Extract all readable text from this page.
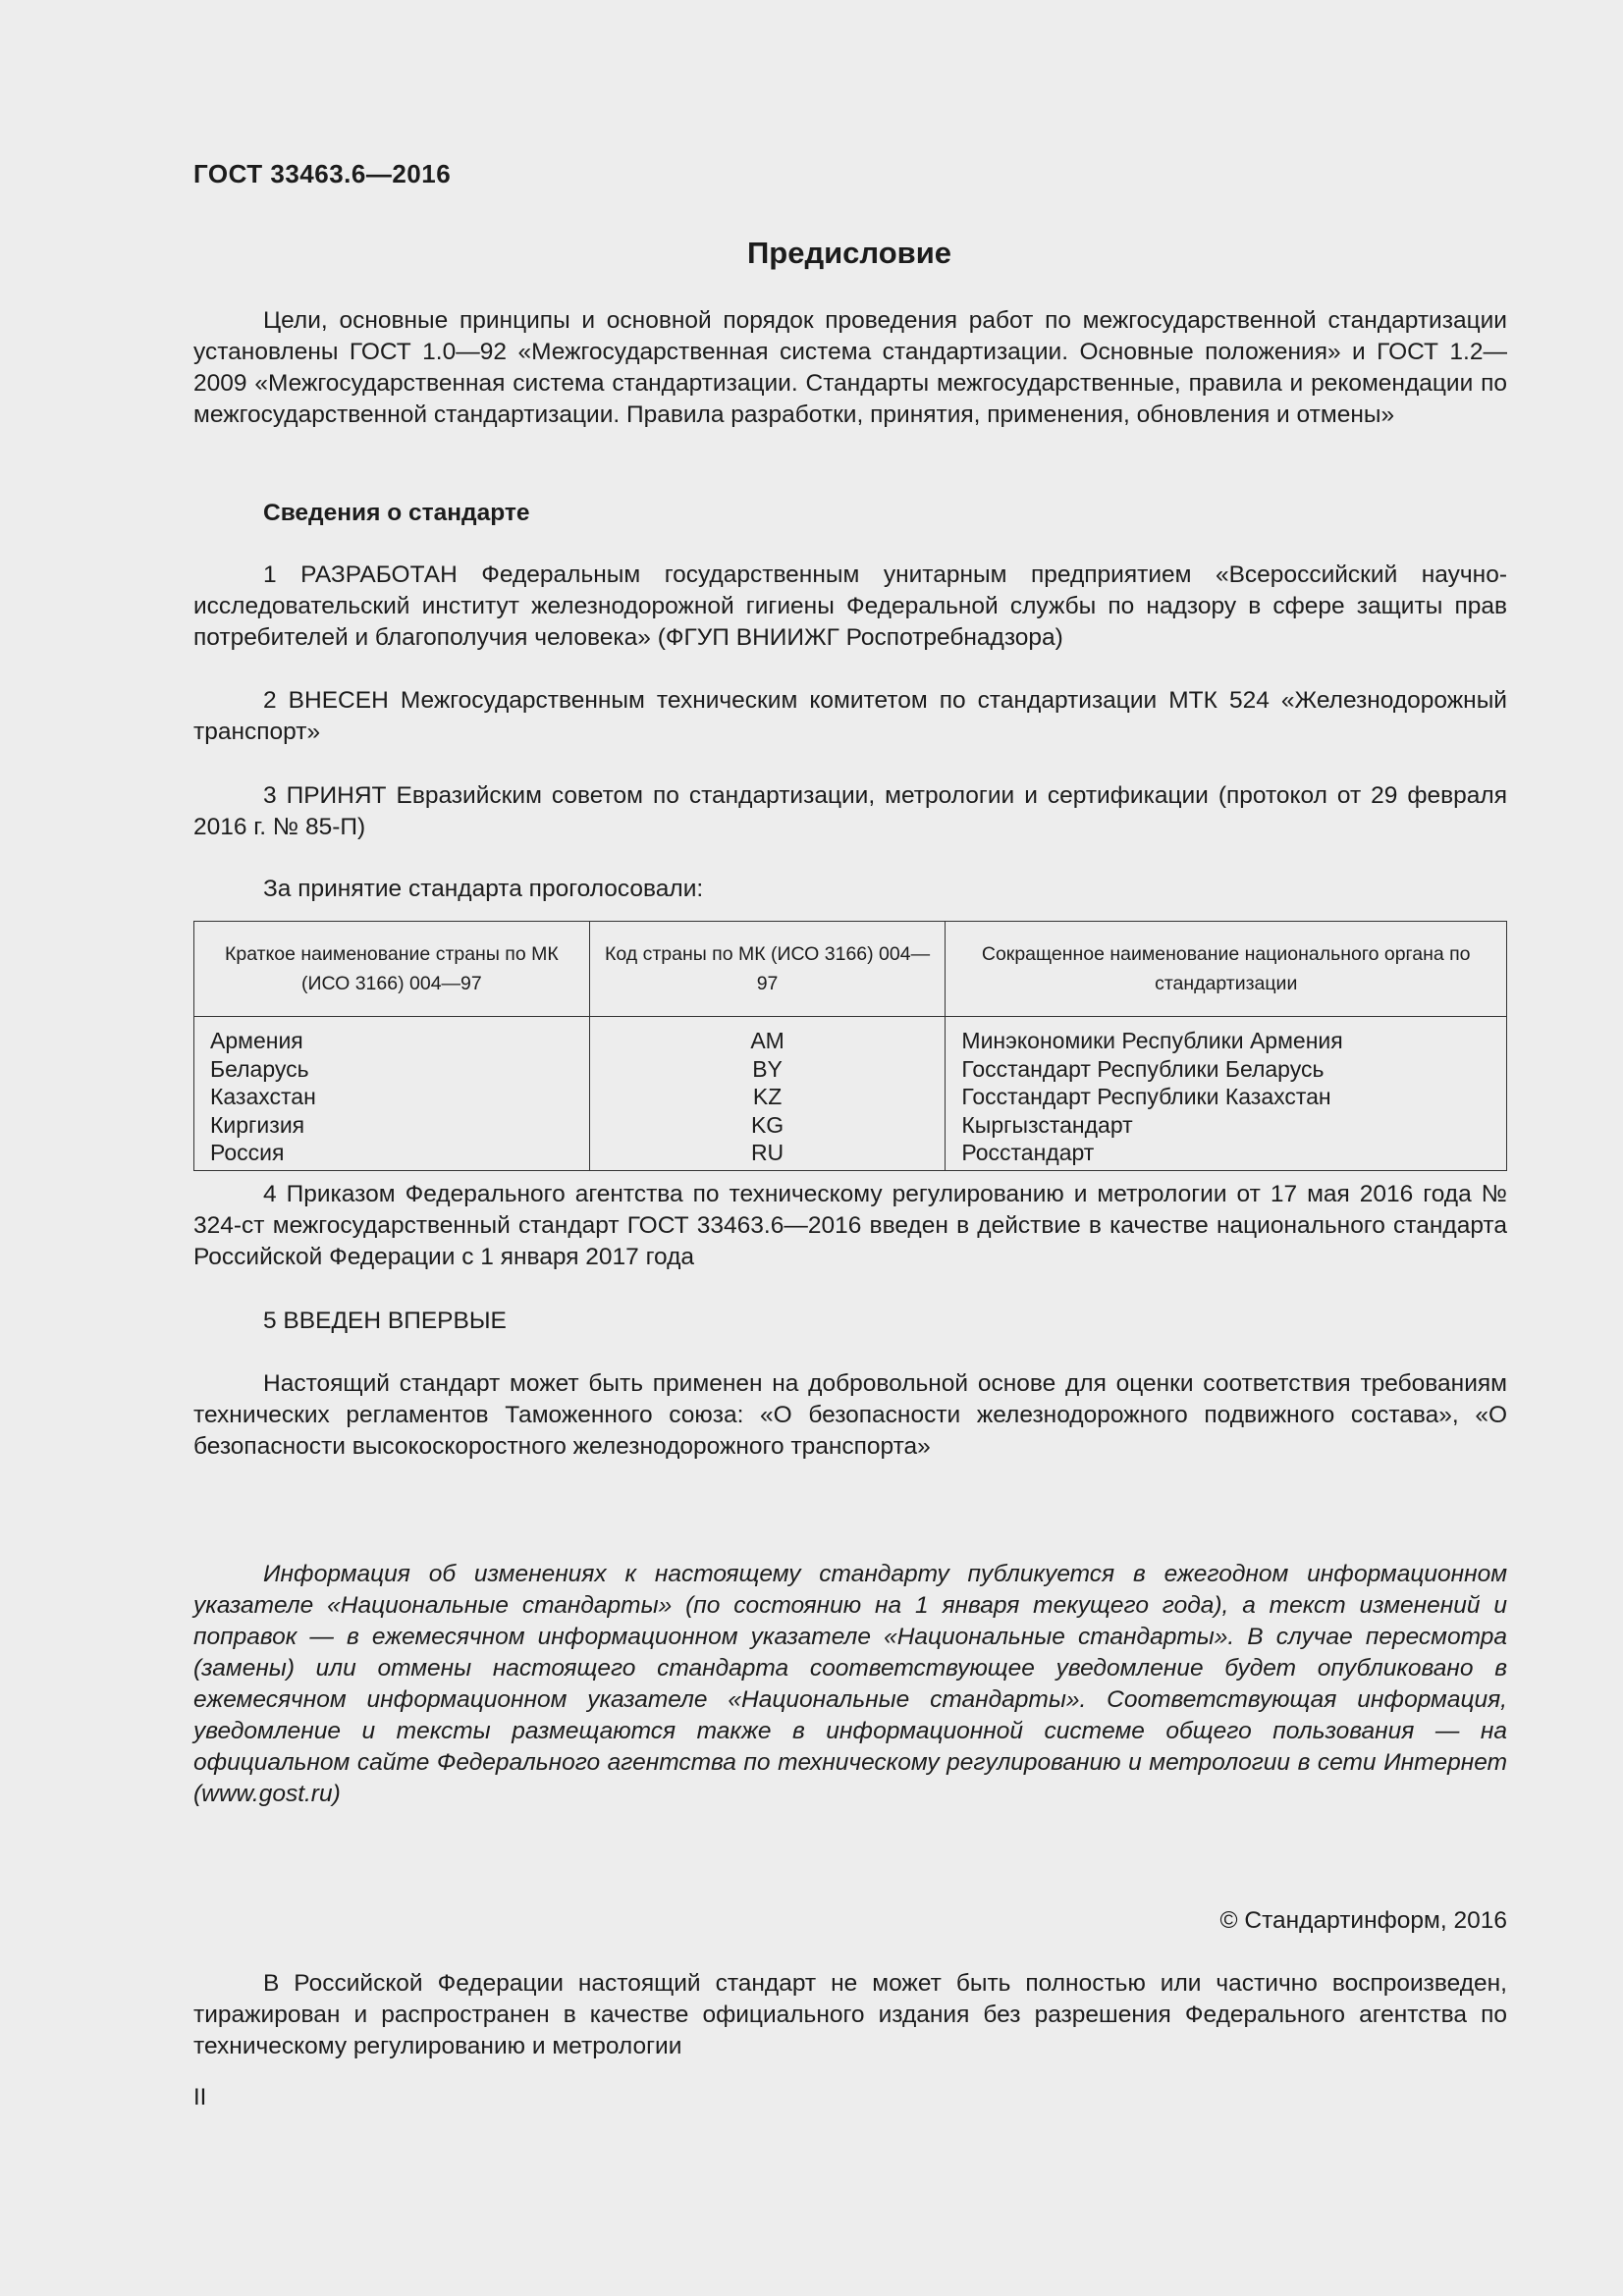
ГОСТ 33463.6—2016

Предисловие

Цели, основные принципы и основной порядок проведения работ по межгосударственной стандартизации установлены ГОСТ 1.0—92 «Межгосударственная система стандартизации. Основные положения» и ГОСТ 1.2—2009 «Межгосударственная система стандартизации. Стандарты межгосударственные, правила и рекомендации по межгосударственной стандартизации. Правила разработки, принятия, применения, обновления и отмены»

Сведения о стандарте

1 РАЗРАБОТАН Федеральным государственным унитарным предприятием «Всероссийский научно-исследовательский институт железнодорожной гигиены Федеральной службы по надзору в сфере защиты прав потребителей и благополучия человека» (ФГУП ВНИИЖГ Роспотребнадзора)

2 ВНЕСЕН Межгосударственным техническим комитетом по стандартизации МТК 524 «Железнодорожный транспорт»

3 ПРИНЯТ Евразийским советом по стандартизации, метрологии и сертификации (протокол от 29 февраля 2016 г. № 85-П)

За принятие стандарта проголосовали:

Краткое наименование страны по МК (ИСО 3166) 004—97	Код страны по МК (ИСО 3166) 004—97	Сокращенное наименование национального органа по стандартизации

Армения	AM	Минэкономики Республики Армения
Беларусь	BY	Госстандарт Республики Беларусь
Казахстан	KZ	Госстандарт Республики Казахстан
Киргизия	KG	Кыргызстандарт
Россия	RU	Росстандарт

4 Приказом Федерального агентства по техническому регулированию и метрологии от 17 мая 2016 года № 324-ст межгосударственный стандарт ГОСТ 33463.6—2016 введен в действие в качестве национального стандарта Российской Федерации с 1 января 2017 года

5 ВВЕДЕН ВПЕРВЫЕ

Настоящий стандарт может быть применен на добровольной основе для оценки соответствия требованиям технических регламентов Таможенного союза: «О безопасности железнодорожного подвижного состава», «О безопасности высокоскоростного железнодорожного транспорта»

Информация об изменениях к настоящему стандарту публикуется в ежегодном информационном указателе «Национальные стандарты» (по состоянию на 1 января текущего года), а текст изменений и поправок — в ежемесячном информационном указателе «Национальные стандарты». В случае пересмотра (замены) или отмены настоящего стандарта соответствующее уведомление будет опубликовано в ежемесячном информационном указателе «Национальные стандарты». Соответствующая информация, уведомление и тексты размещаются также в информационной системе общего пользования — на официальном сайте Федерального агентства по техническому регулированию и метрологии в сети Интернет (www.gost.ru)

© Стандартинформ, 2016

В Российской Федерации настоящий стандарт не может быть полностью или частично воспроизведен, тиражирован и распространен в качестве официального издания без разрешения Федерального агентства по техническому регулированию и метрологии

II
